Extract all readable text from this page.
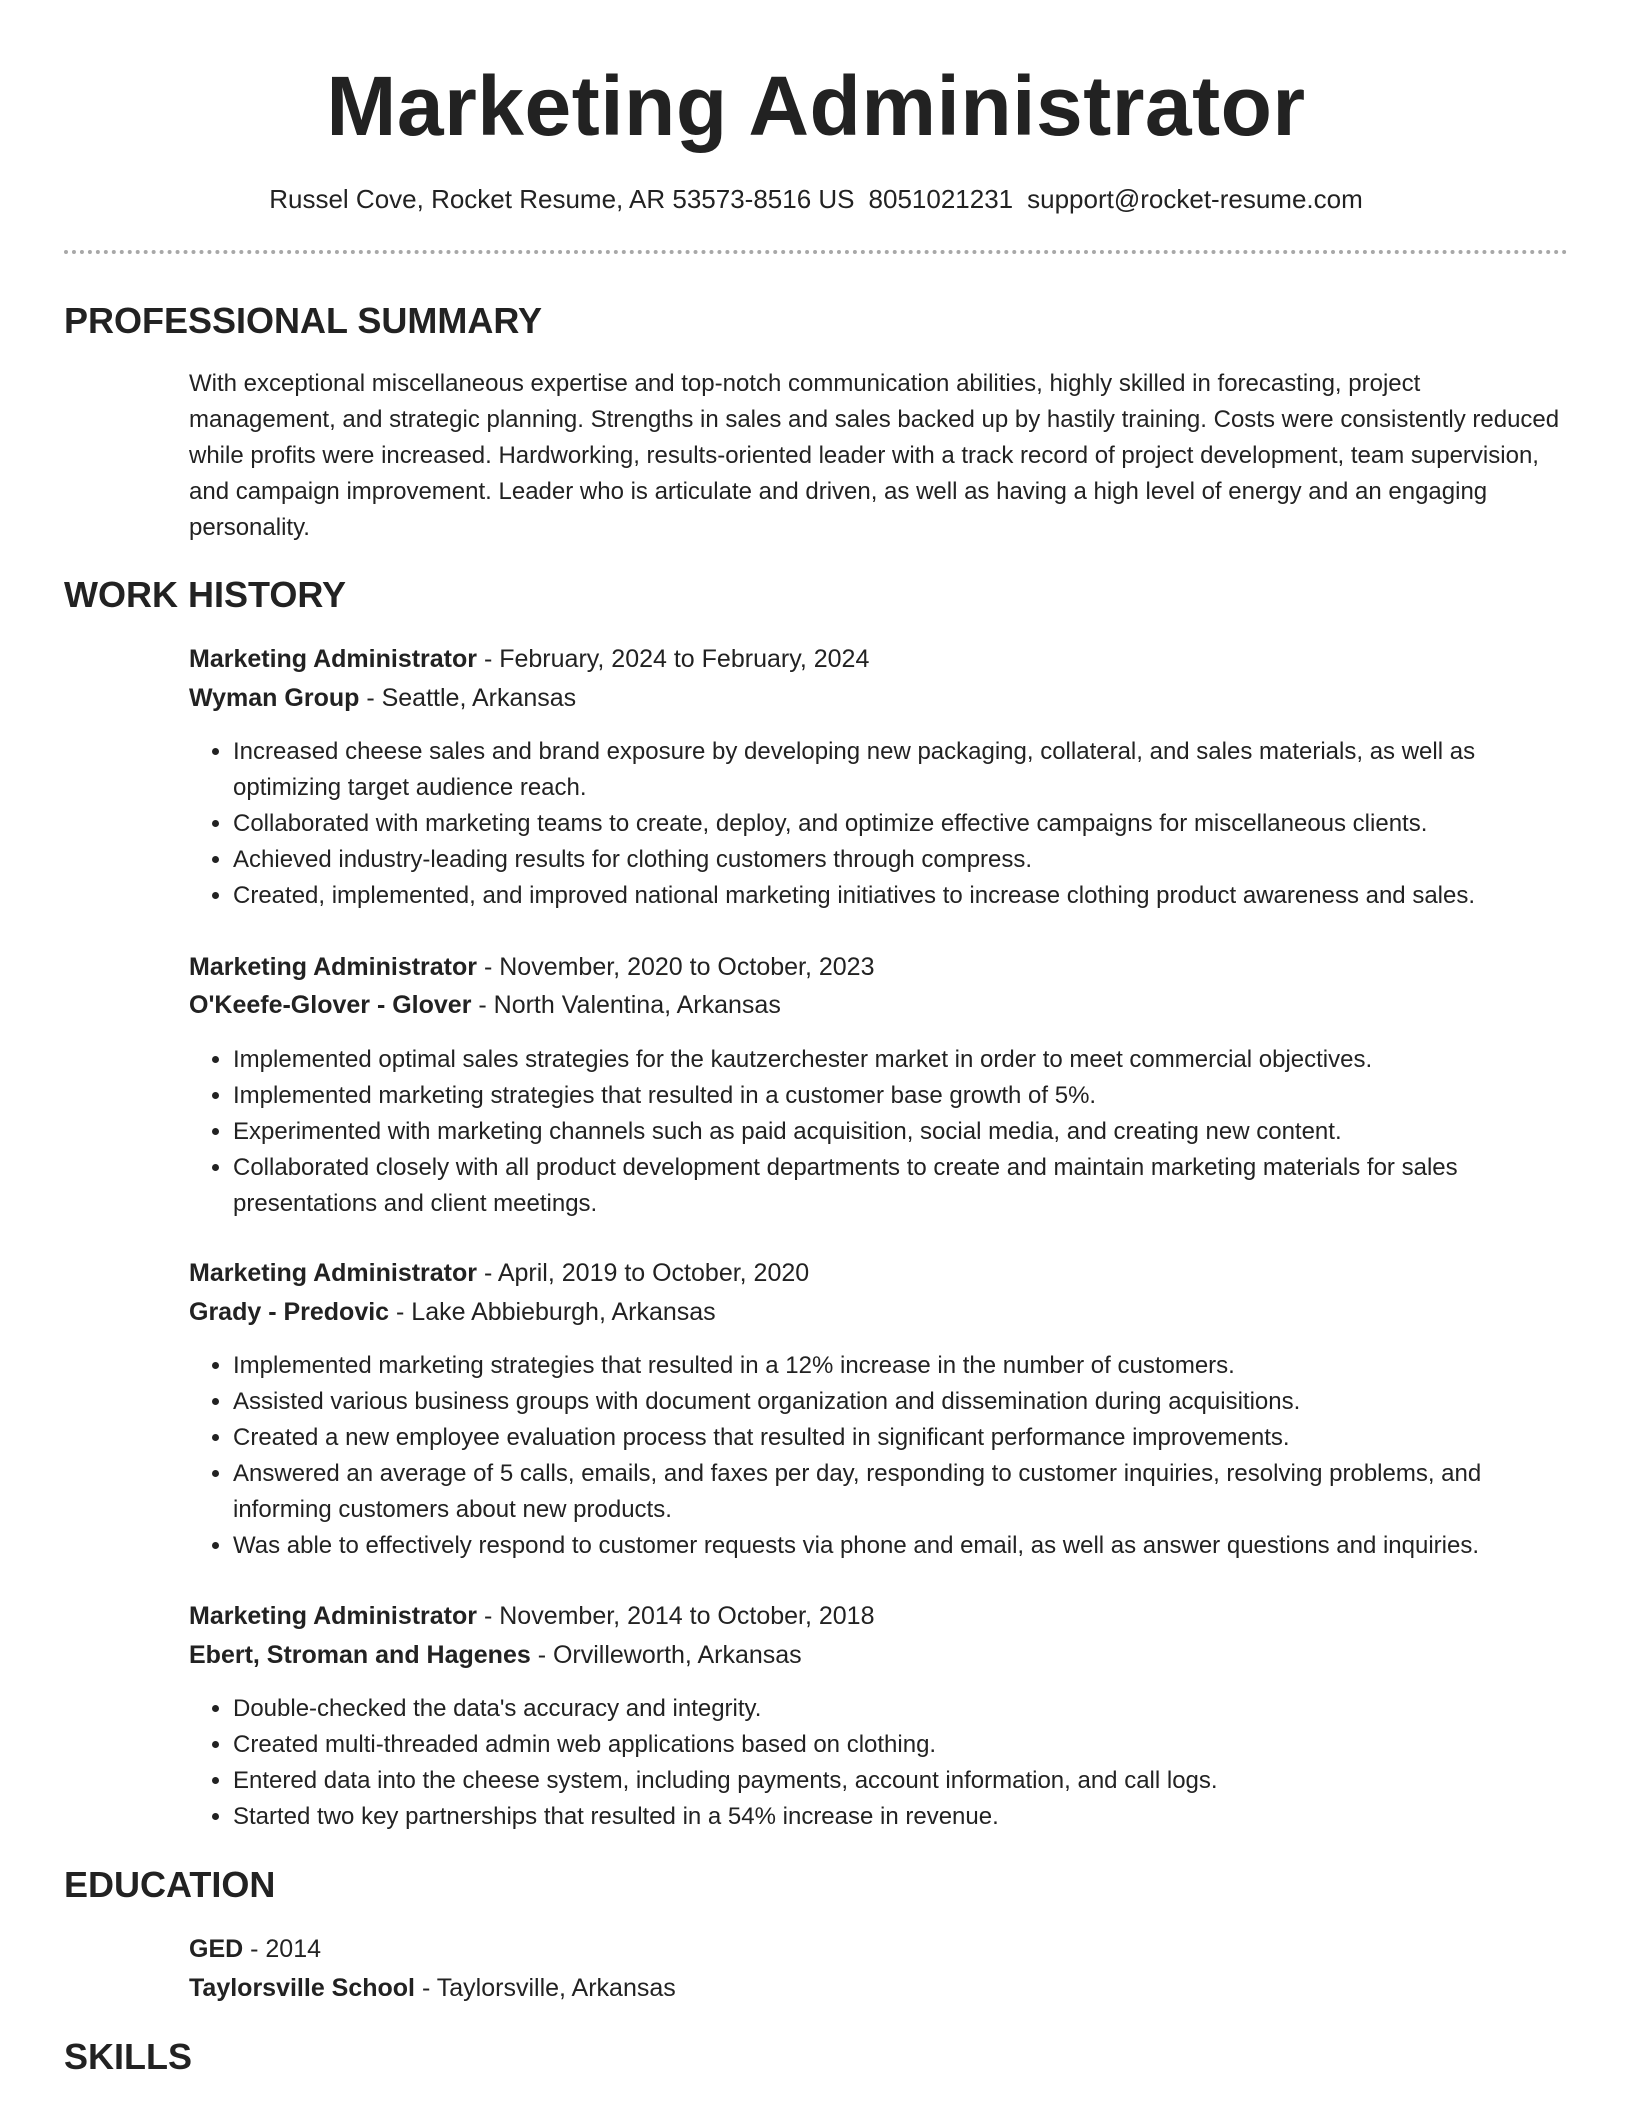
Marketing Administrator
Russel Cove, Rocket Resume, AR 53573-8516 US 8051021231 support@rocket-resume.com
PROFESSIONAL SUMMARY

With exceptional miscellaneous expertise and top-notch communication abilities, highly skilled in forecasting, project management, and strategic planning. Strengths in sales and sales backed up by hastily training. Costs were consistently reduced while profits were increased. Hardworking, results-oriented leader with a track record of project development, team supervision, and campaign improvement. Leader who is articulate and driven, as well as having a high level of energy and an engaging personality.

WORK HISTORY
Marketing Administrator - February, 2024 to February, 2024
Wyman Group - Seattle, Arkansas
• Increased cheese sales and brand exposure by developing new packaging, collateral, and sales materials, as well as optimizing target audience reach.
• Collaborated with marketing teams to create, deploy, and optimize effective campaigns for miscellaneous clients.
• Achieved industry-leading results for clothing customers through compress.
• Created, implemented, and improved national marketing initiatives to increase clothing product awareness and sales.
Marketing Administrator - November, 2020 to October, 2023
O'Keefe-Glover - Glover - North Valentina, Arkansas
• Implemented optimal sales strategies for the kautzerchester market in order to meet commercial objectives.
• Implemented marketing strategies that resulted in a customer base growth of 5%.
• Experimented with marketing channels such as paid acquisition, social media, and creating new content.
• Collaborated closely with all product development departments to create and maintain marketing materials for sales presentations and client meetings.
Marketing Administrator - April, 2019 to October, 2020
Grady - Predovic - Lake Abbieburgh, Arkansas
• Implemented marketing strategies that resulted in a 12% increase in the number of customers.
• Assisted various business groups with document organization and dissemination during acquisitions.
• Created a new employee evaluation process that resulted in significant performance improvements.
• Answered an average of 5 calls, emails, and faxes per day, responding to customer inquiries, resolving problems, and informing customers about new products.
• Was able to effectively respond to customer requests via phone and email, as well as answer questions and inquiries.
Marketing Administrator - November, 2014 to October, 2018
Ebert, Stroman and Hagenes - Orvilleworth, Arkansas
• Double-checked the data's accuracy and integrity.
• Created multi-threaded admin web applications based on clothing.
• Entered data into the cheese system, including payments, account information, and call logs.
• Started two key partnerships that resulted in a 54% increase in revenue.
EDUCATION
GED - 2014
Taylorsville School - Taylorsville, Arkansas
SKILLS
